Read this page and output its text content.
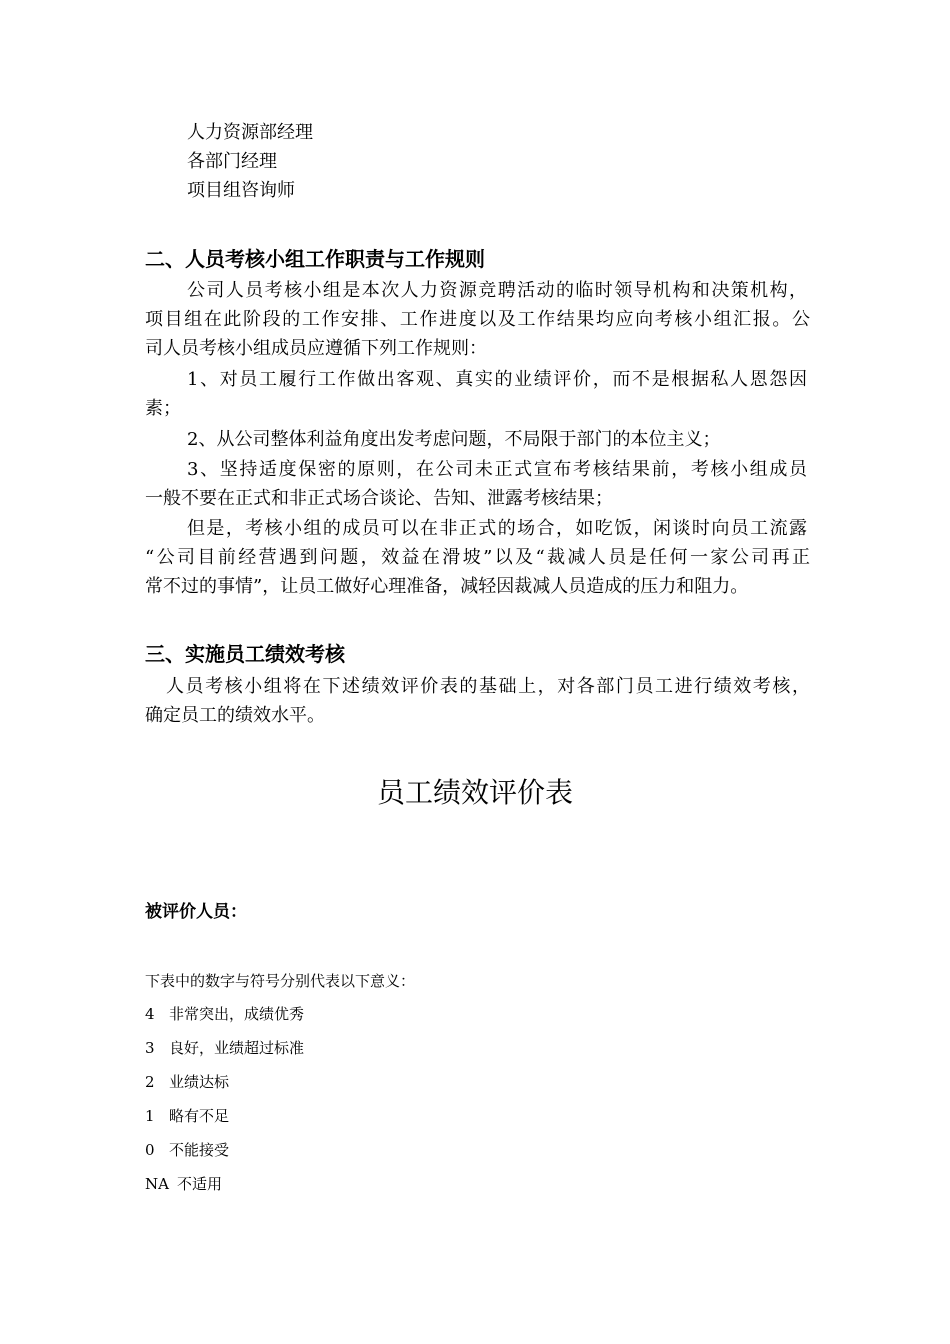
人力资源部经理
各部门经理
项目组咨询师
二、人员考核小组工作职责与工作规则
公司人员考核小组是本次人力资源竞聘活动的临时领导机构和决策机构，
项目组在此阶段的工作安排、工作进度以及工作结果均应向考核小组汇报。公
司人员考核小组成员应遵循下列工作规则：
1、对员工履行工作做出客观、真实的业绩评价，而不是根据私人恩怨因
素；
2、从公司整体利益角度出发考虑问题，不局限于部门的本位主义；
3、坚持适度保密的原则，在公司未正式宣布考核结果前，考核小组成员
一般不要在正式和非正式场合谈论、告知、泄露考核结果；
但是，考核小组的成员可以在非正式的场合，如吃饭，闲谈时向员工流露
“公司目前经营遇到问题，效益在滑坡”以及“裁减人员是任何一家公司再正
常不过的事情”，让员工做好心理准备，减轻因裁减人员造成的压力和阻力。
三、实施员工绩效考核
人员考核小组将在下述绩效评价表的基础上，对各部门员工进行绩效考核，
确定员工的绩效水平。
员工绩效评价表
被评价人员：
下表中的数字与符号分别代表以下意义：
4 非常突出，成绩优秀
3 良好，业绩超过标准
2 业绩达标
1 略有不足
0 不能接受
NA 不适用
